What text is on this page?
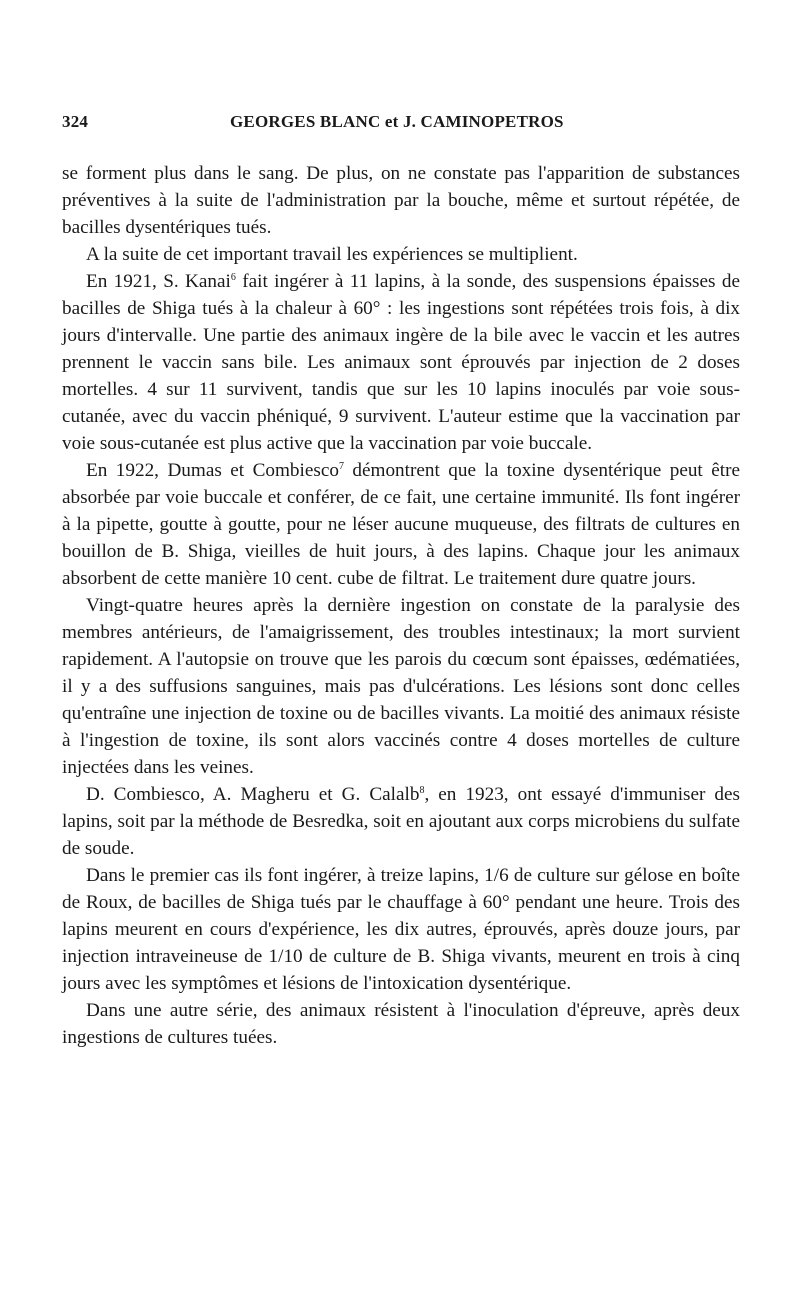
324	GEORGES BLANC et J. CAMINOPETROS

se forment plus dans le sang. De plus, on ne constate pas l'apparition de substances préventives à la suite de l'administration par la bouche, même et surtout répétée, de bacilles dysentériques tués.

A la suite de cet important travail les expériences se multiplient.

En 1921, S. Kanai$^6$ fait ingérer à 11 lapins, à la sonde, des suspensions épaisses de bacilles de Shiga tués à la chaleur à 60° : les ingestions sont répétées trois fois, à dix jours d'intervalle. Une partie des animaux ingère de la bile avec le vaccin et les autres prennent le vaccin sans bile. Les animaux sont éprouvés par injection de 2 doses mortelles. 4 sur 11 survivent, tandis que sur les 10 lapins inoculés par voie sous-cutanée, avec du vaccin phéniqué, 9 survivent. L'auteur estime que la vaccination par voie sous-cutanée est plus active que la vaccination par voie buccale.

En 1922, Dumas et Combiesco$^7$ démontrent que la toxine dysentérique peut être absorbée par voie buccale et conférer, de ce fait, une certaine immunité. Ils font ingérer à la pipette, goutte à goutte, pour ne léser aucune muqueuse, des filtrats de cultures en bouillon de B. Shiga, vieilles de huit jours, à des lapins. Chaque jour les animaux absorbent de cette manière 10 cent. cube de filtrat. Le traitement dure quatre jours.

Vingt-quatre heures après la dernière ingestion on constate de la paralysie des membres antérieurs, de l'amaigrissement, des troubles intestinaux; la mort survient rapidement. A l'autopsie on trouve que les parois du cœcum sont épaisses, œdématiées, il y a des suffusions sanguines, mais pas d'ulcérations. Les lésions sont donc celles qu'entraîne une injection de toxine ou de bacilles vivants. La moitié des animaux résiste à l'ingestion de toxine, ils sont alors vaccinés contre 4 doses mortelles de culture injectées dans les veines.

D. Combiesco, A. Magheru et G. Calalb$^8$, en 1923, ont essayé d'immuniser des lapins, soit par la méthode de Besredka, soit en ajoutant aux corps microbiens du sulfate de soude.

Dans le premier cas ils font ingérer, à treize lapins, 1/6 de culture sur gélose en boîte de Roux, de bacilles de Shiga tués par le chauffage à 60° pendant une heure. Trois des lapins meurent en cours d'expérience, les dix autres, éprouvés, après douze jours, par injection intraveineuse de 1/10 de culture de B. Shiga vivants, meurent en trois à cinq jours avec les symptômes et lésions de l'intoxication dysentérique.

Dans une autre série, des animaux résistent à l'inoculation d'épreuve, après deux ingestions de cultures tuées.
